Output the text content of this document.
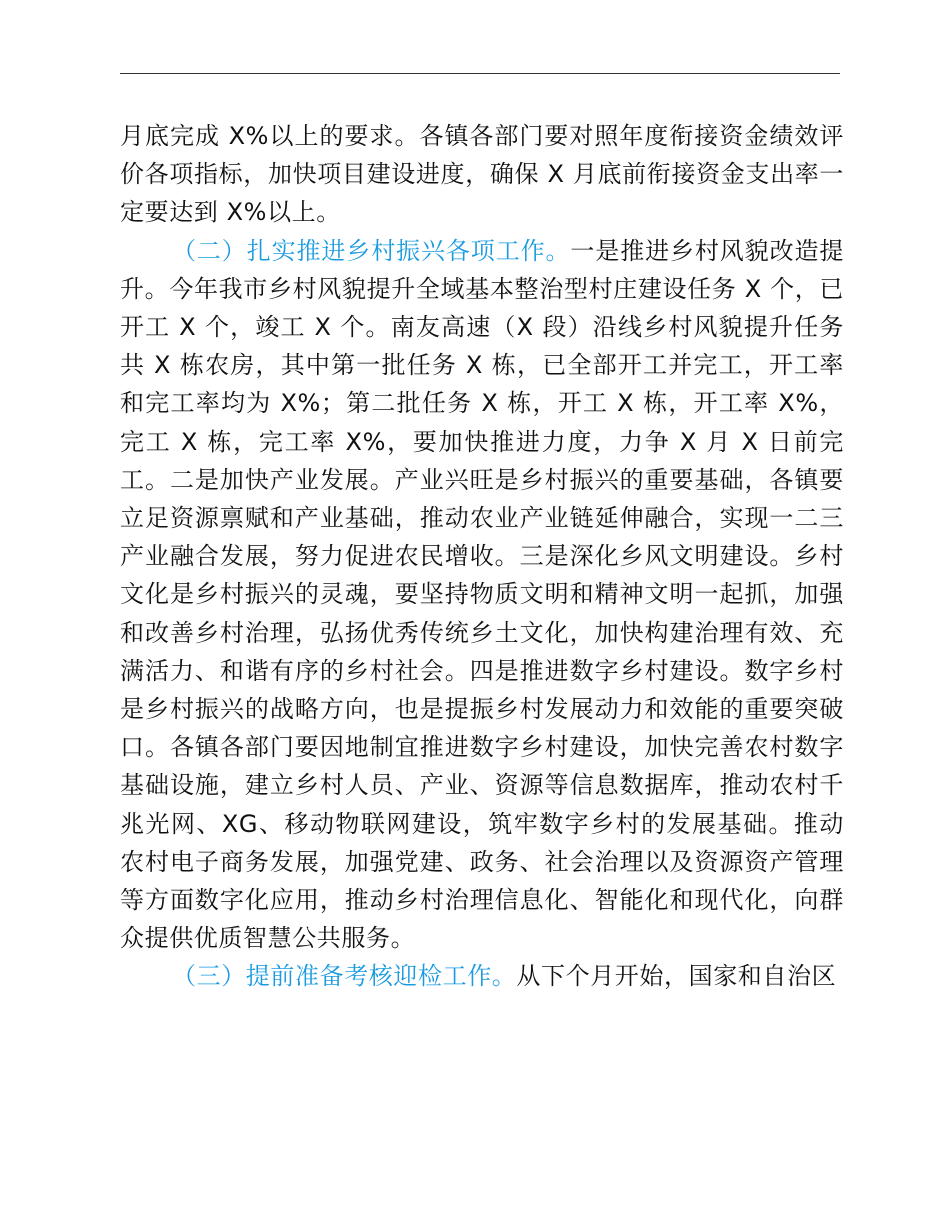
月底完成 X%以上的要求。各镇各部门要对照年度衔接资金绩效评价各项指标，加快项目建设进度，确保 X 月底前衔接资金支出率一定要达到 X%以上。

（二）扎实推进乡村振兴各项工作。一是推进乡村风貌改造提升。今年我市乡村风貌提升全域基本整治型村庄建设任务 X 个，已开工 X 个，竣工 X 个。南友高速（X 段）沿线乡村风貌提升任务共 X 栋农房，其中第一批任务 X 栋，已全部开工并完工，开工率和完工率均为 X%；第二批任务 X 栋，开工 X 栋，开工率 X%，完工 X 栋，完工率 X%，要加快推进力度，力争 X 月 X 日前完工。二是加快产业发展。产业兴旺是乡村振兴的重要基础，各镇要立足资源禀赋和产业基础，推动农业产业链延伸融合，实现一二三产业融合发展，努力促进农民增收。三是深化乡风文明建设。乡村文化是乡村振兴的灵魂，要坚持物质文明和精神文明一起抓，加强和改善乡村治理，弘扬优秀传统乡土文化，加快构建治理有效、充满活力、和谐有序的乡村社会。四是推进数字乡村建设。数字乡村是乡村振兴的战略方向，也是提振乡村发展动力和效能的重要突破口。各镇各部门要因地制宜推进数字乡村建设，加快完善农村数字基础设施，建立乡村人员、产业、资源等信息数据库，推动农村千兆光网、XG、移动物联网建设，筑牢数字乡村的发展基础。推动农村电子商务发展，加强党建、政务、社会治理以及资源资产管理等方面数字化应用，推动乡村治理信息化、智能化和现代化，向群众提供优质智慧公共服务。

（三）提前准备考核迎检工作。从下个月开始，国家和自治区
